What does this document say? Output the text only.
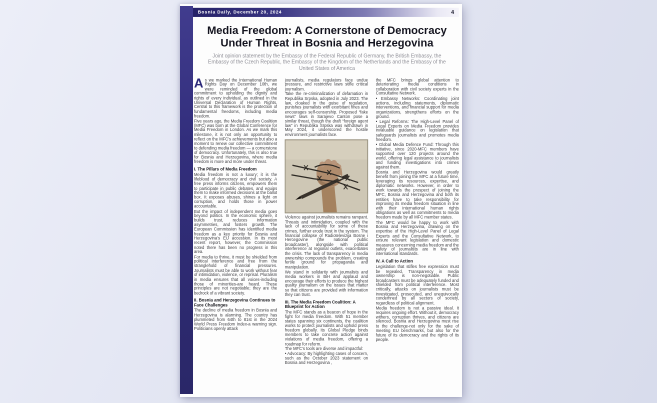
Bosnia Daily, December 20, 2024	4
Media Freedom: A Cornerstone of Democracy
Under Threat in Bosnia and Herzegovina
Joint opinion statement by the Embassy of the Federal Republic of Germany, the British Embassy, the Embassy of the Czech Republic, the Embassy of the Kingdom of the Netherlands and the Embassy of the United States of America
As we marked the International Human Rights Day on December 10th, we were reminded of the global commitment to upholding the dignity and rights of every individual, as outlined in the Universal Declaration of Human Rights. Central to this framework is the protection of fundamental freedoms, including media freedom.
Five years ago, the Media Freedom Coalition (MFC) was born at the Global Conference for Media Freedom in London. As we mark this milestone, it is not only an opportunity to reflect on the MFC’s achievements but also a moment to renew our collective commitment to defending media freedom — a cornerstone of democracy. Unfortunately, this is also true for Bosnia and Herzegovina, where media freedom is more and more under threat.
I. The Pillars of Media Freedom
Media freedom is not a luxury; it is the lifeblood of democracy and civil society. A free press informs citizens, empowers them to participate in public debates, and equips them to make informed decisions at the ballot box. It exposes abuses, shines a light on corruption, and holds those in power accountable.
But the impact of independent media goes beyond politics. In the economic sphere, it builds trust, reduces information asymmetries, and fosters growth. The European Commission has identified media freedom as a key priority for Bosnia and Herzegovina’s EU accession. In its most recent report, however, the Commission noted there has been no progress in this area.
For media to thrive, it must be shielded from political interference and free from the stranglehold of financial pressures. Journalists must be able to work without fear of intimidation, violence, or reprisal. Pluralism in media ensures that all voices-including those of minorities-are heard. These principles are not negotiable; they are the bedrock of a vibrant society.
II. Bosnia and Herzegovina Continues to Face Challenges
The decline of media freedom in Bosnia and Herzegovina is alarming. The country has plummeted from 64th to 81st in the 2024 World Press Freedom Index-a warning sign. Politicians openly attack
journalists, media regulators face undue pressure, and restrictive laws stifle critical journalism.
Take the re-criminalization of defamation in Republika Srpska, adopted in July 2023. The law, cloaked in the guise of regulation, punishes journalists with exorbitant fines and encourages self-censorship. Proposed “fake news” laws in Sarajevo Canton pose a similar threat, though the draft “foreign agent law” in Republika Srpska was withdrawn in May 2024, it underscored the hostile environment journalists face.
Violence against journalists remains rampant. Threats and intimidation, coupled with the lack of accountability for some of these crimes, further erode trust in the system. The financial collapse of Radiotelevizija Bosne i Hercegovine (the national public broadcaster), alongside with political interference at regional outlets, exacerbates the crisis. The lack of transparency in media ownership compounds the problem, creating fertile ground for propaganda and manipulation.
We stand in solidarity with journalists and media workers in BiH and applaud and encourage their efforts to produce the highest quality journalism on the issues that matter so that citizens are provided with information they can trust.
III. The Media Freedom Coalition: A Blueprint for Action
The MFC stands as a beacon of hope in the fight for media freedom. With 51 member states spanning six continents, the coalition works to protect journalists and uphold press freedom globally. Its Global Pledge binds members to take concrete action against violations of media freedom, offering a roadmap for reform.
The MFC’s tools are diverse and impactful:
• Advocacy: By highlighting cases of concern, such as the October 2023 statement on Bosnia and Herzegovina ,
the MFC brings global attention to deteriorating media conditions in collaboration with civil society experts in the Consultative Network.
• Embassy Networks: Coordinating joint actions, including statements, diplomatic interventions, and financial support for media organizations, strengthens efforts on the ground.
• Legal Reforms: The High-Level Panel of Legal Experts on Media Freedom provides invaluable guidance on legislation that safeguards journalists and promotes media freedom.
• Global Media Defence Fund: Through this initiative, since 2020-MFC members have supported over 120 projects around the world, offering legal assistance to journalists and funding investigations into crimes against them.
Bosnia and Herzegovina would greatly benefit from joining the MFC at a future time, leveraging its resources, expertise, and diplomatic networks. However, in order to work towards the prospect of joining the MFC, Bosnia and Herzegovina and both its entities have to take responsibility for improving its media freedom situation in line with their international human rights obligations as well as commitments to media freedom made by all MFC member states.
The MFC would be happy to work with Bosnia and Herzegovina, drawing on the expertise of the High-Level Panel of Legal Experts and the Consultative Network, to ensure relevant legislation and domestic measures concerning media freedom and the safety of journalists are in line with international standards.
IV. A Call to Action
Legislation that stifles free expression must be repealed. Transparency in media ownership is non-negotiable. Public broadcasters must be adequately funded and shielded from political interference. Most critically, attacks on journalists must be investigated, prosecuted, and unequivocally condemned by all sectors of society, regardless of political alignment.
Media freedom is not a passive ideal. It requires ongoing effort. Without it, democracy withers, corruption thrives, and citizens are silenced. Bosnia and Herzegovina must rise to the challenge-not only for the sake of meeting EU benchmarks, but also for the future of its democracy and the rights of its people.
